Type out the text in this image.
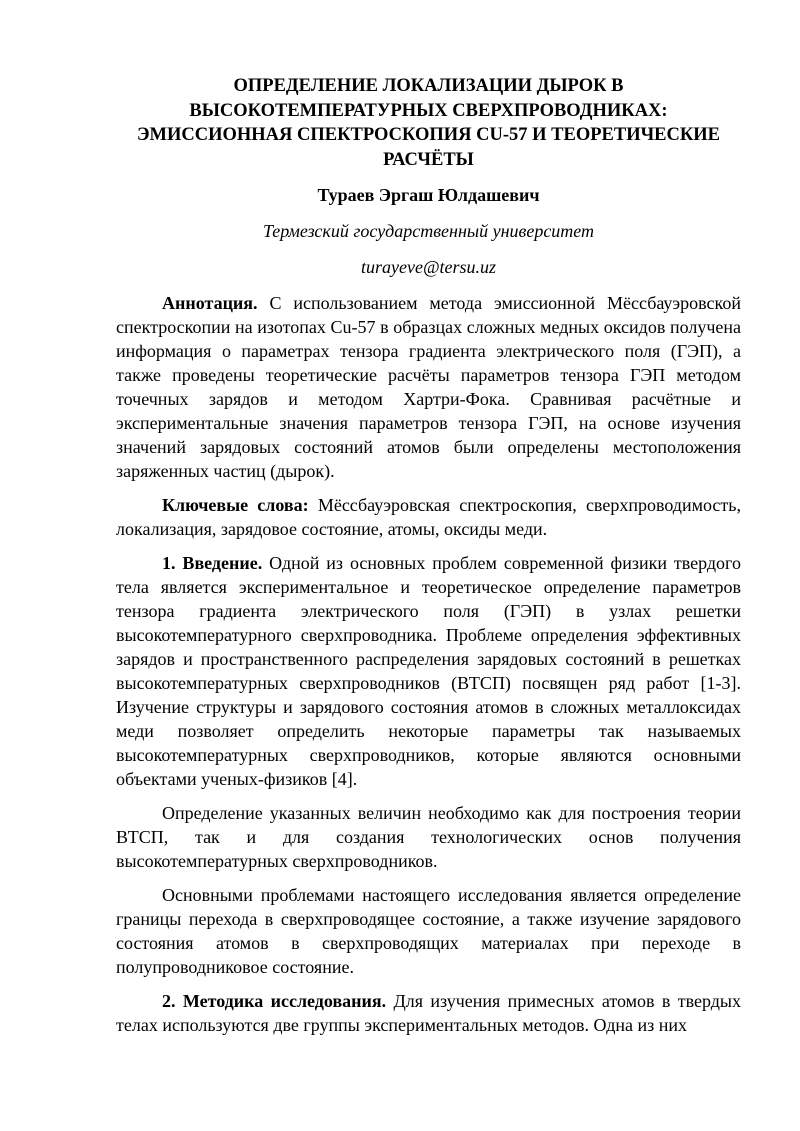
ОПРЕДЕЛЕНИЕ ЛОКАЛИЗАЦИИ ДЫРОК В ВЫСОКОТЕМПЕРАТУРНЫХ СВЕРХПРОВОДНИКАХ: ЭМИССИОННАЯ СПЕКТРОСКОПИЯ CU-57 И ТЕОРЕТИЧЕСКИЕ РАСЧЁТЫ
Тураев Эргаш Юлдашевич
Термезский государственный университет
turayeve@tersu.uz

Аннотация. С использованием метода эмиссионной Мёссбауэровской спектроскопии на изотопах Cu-57 в образцах сложных медных оксидов получена информация о параметрах тензора градиента электрического поля (ГЭП), а также проведены теоретические расчёты параметров тензора ГЭП методом точечных зарядов и методом Хартри-Фока. Сравнивая расчётные и экспериментальные значения параметров тензора ГЭП, на основе изучения значений зарядовых состояний атомов были определены местоположения заряженных частиц (дырок).

Ключевые слова: Мёссбауэровская спектроскопия, сверхпроводимость, локализация, зарядовое состояние, атомы, оксиды меди.

1. Введение. Одной из основных проблем современной физики твердого тела является экспериментальное и теоретическое определение параметров тензора градиента электрического поля (ГЭП) в узлах решетки высокотемпературного сверхпроводника. Проблеме определения эффективных зарядов и пространственного распределения зарядовых состояний в решетках высокотемпературных сверхпроводников (ВТСП) посвящен ряд работ [1-3]. Изучение структуры и зарядового состояния атомов в сложных металлоксидах меди позволяет определить некоторые параметры так называемых высокотемпературных сверхпроводников, которые являются основными объектами ученых-физиков [4].

Определение указанных величин необходимо как для построения теории ВТСП, так и для создания технологических основ получения высокотемпературных сверхпроводников.

Основными проблемами настоящего исследования является определение границы перехода в сверхпроводящее состояние, а также изучение зарядового состояния атомов в сверхпроводящих материалах при переходе в полупроводниковое состояние.

2. Методика исследования. Для изучения примесных атомов в твердых телах используются две группы экспериментальных методов. Одна из них
